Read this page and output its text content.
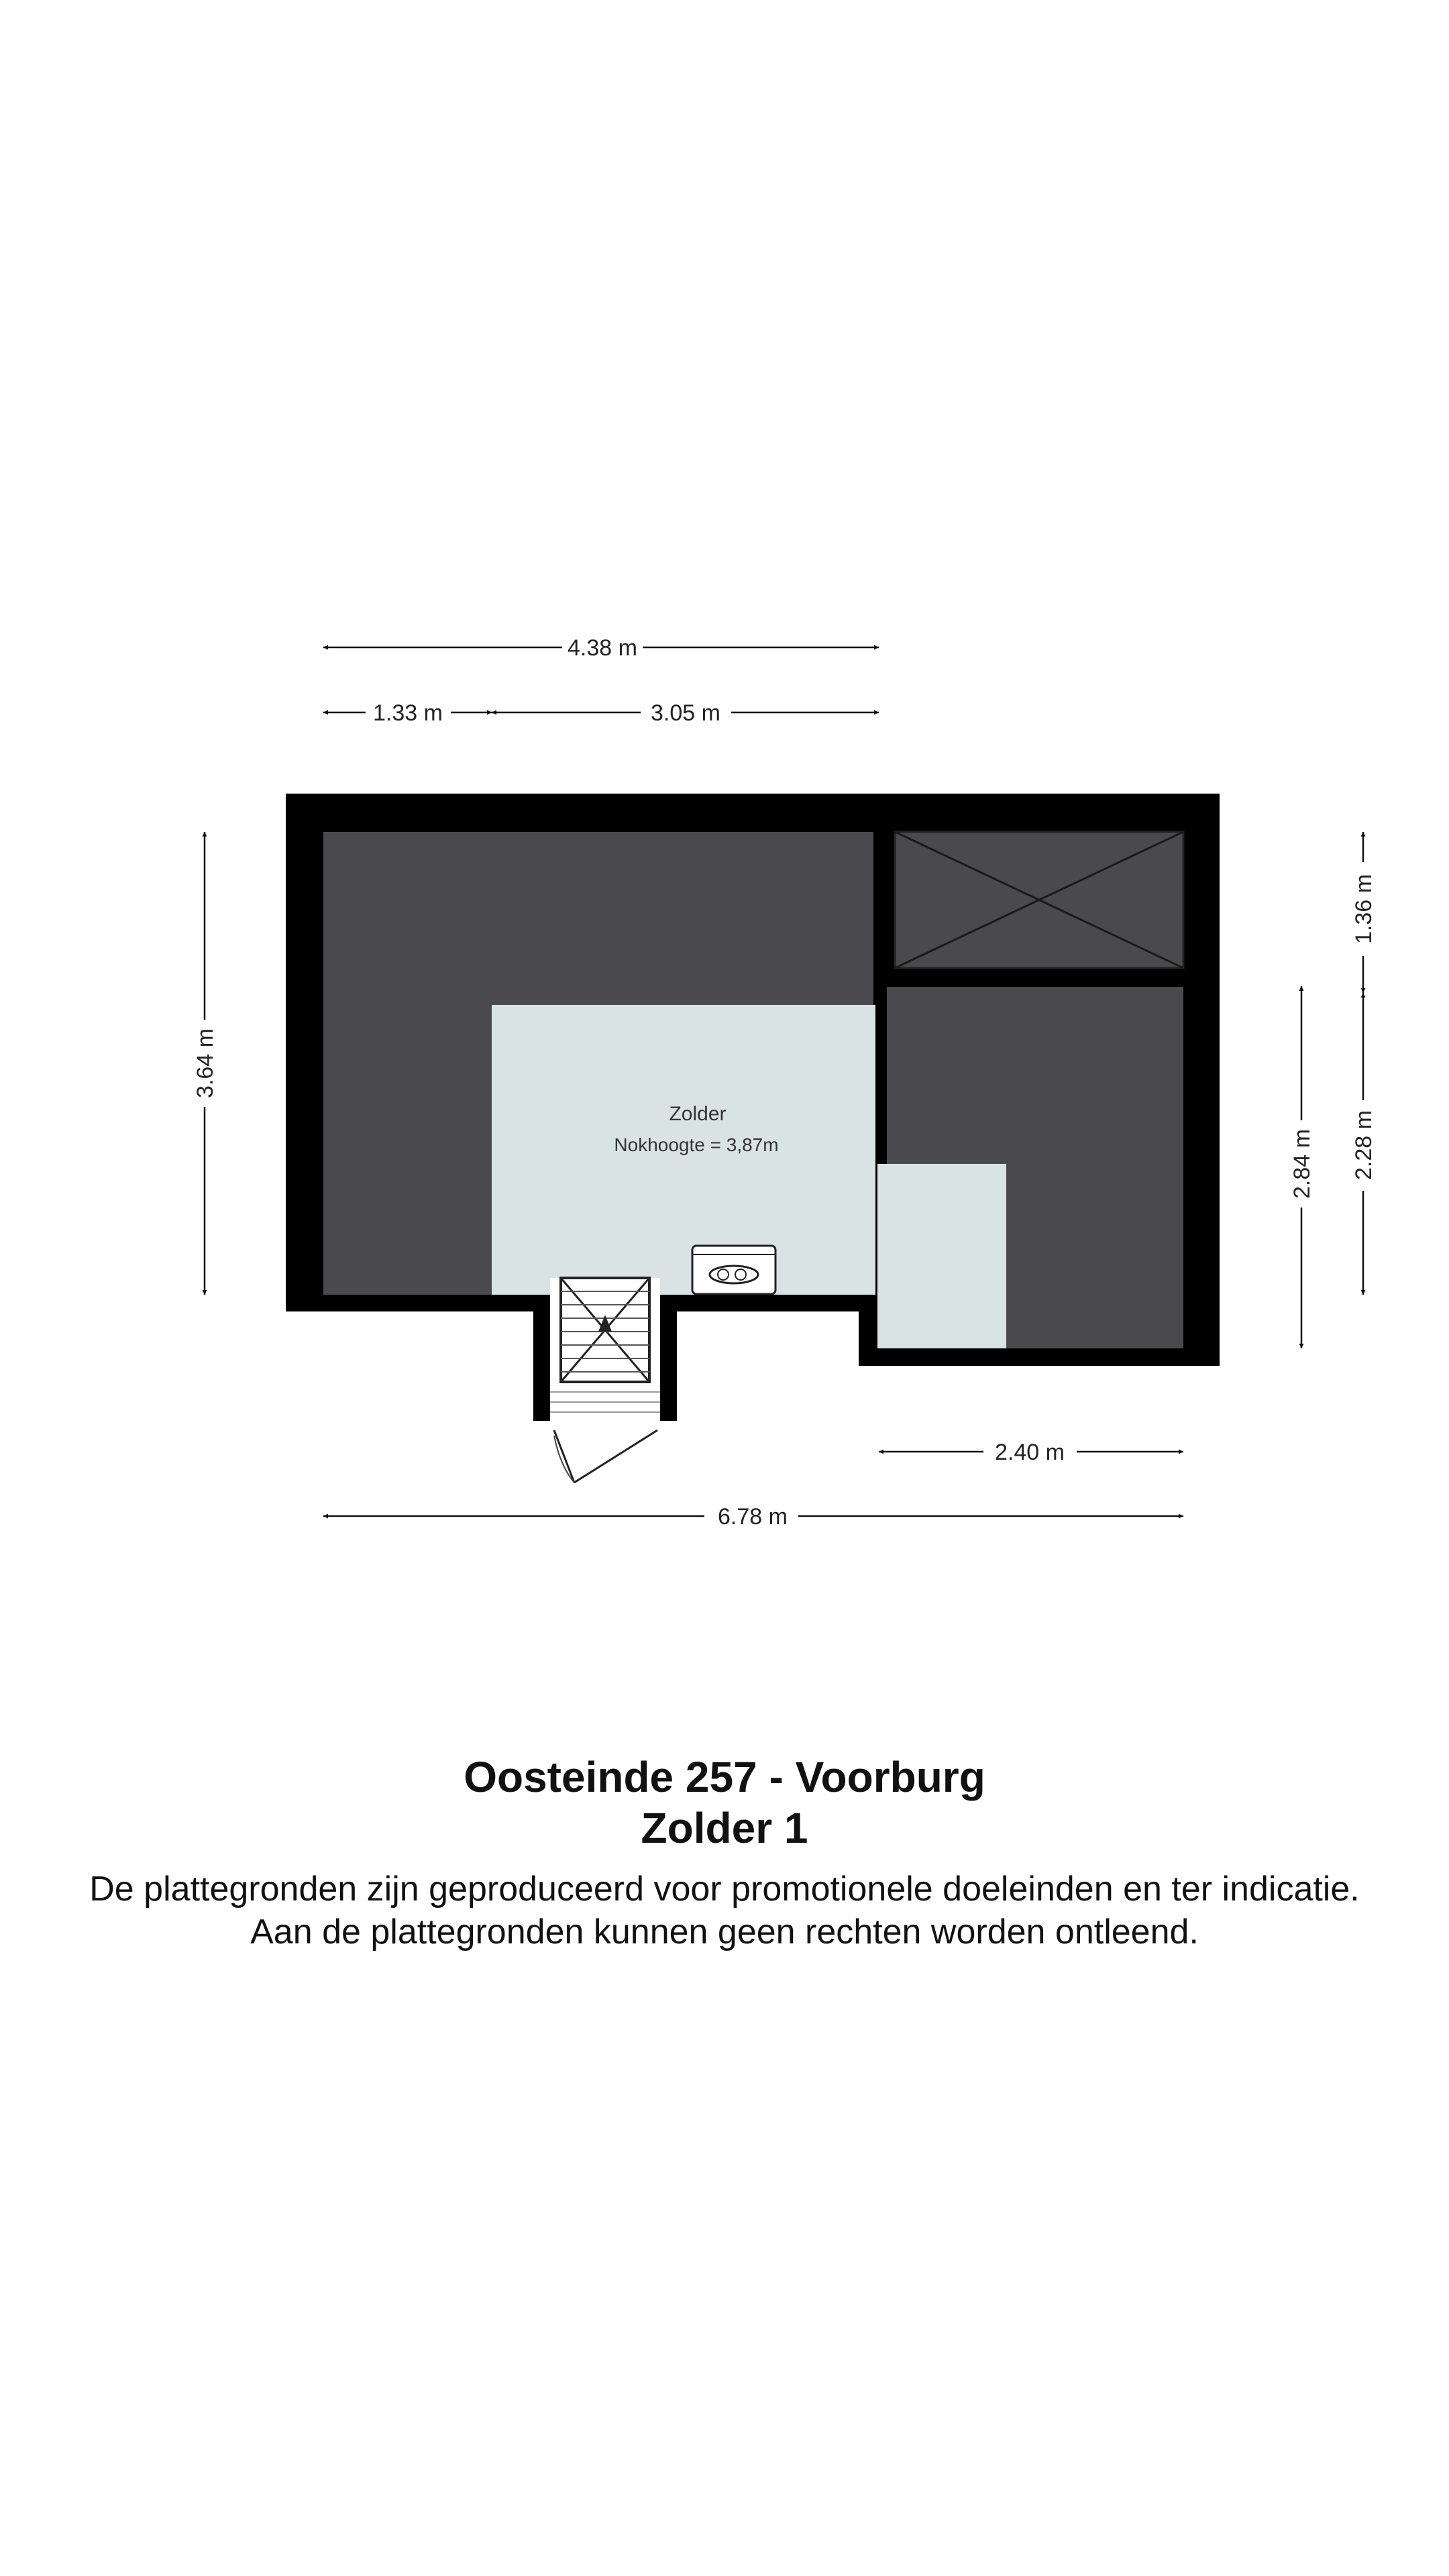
Zolder
Nokhoogte = 3,87m
4.38 m
1.33 m	3.05 m
3.64 m
2.84 m
1.36 m
2.28 m
2.40 m
6.78 m
Oosteinde 257 - Voorburg
Zolder 1
De plattegronden zijn geproduceerd voor promotionele doeleinden en ter indicatie.
Aan de plattegronden kunnen geen rechten worden ontleend.
